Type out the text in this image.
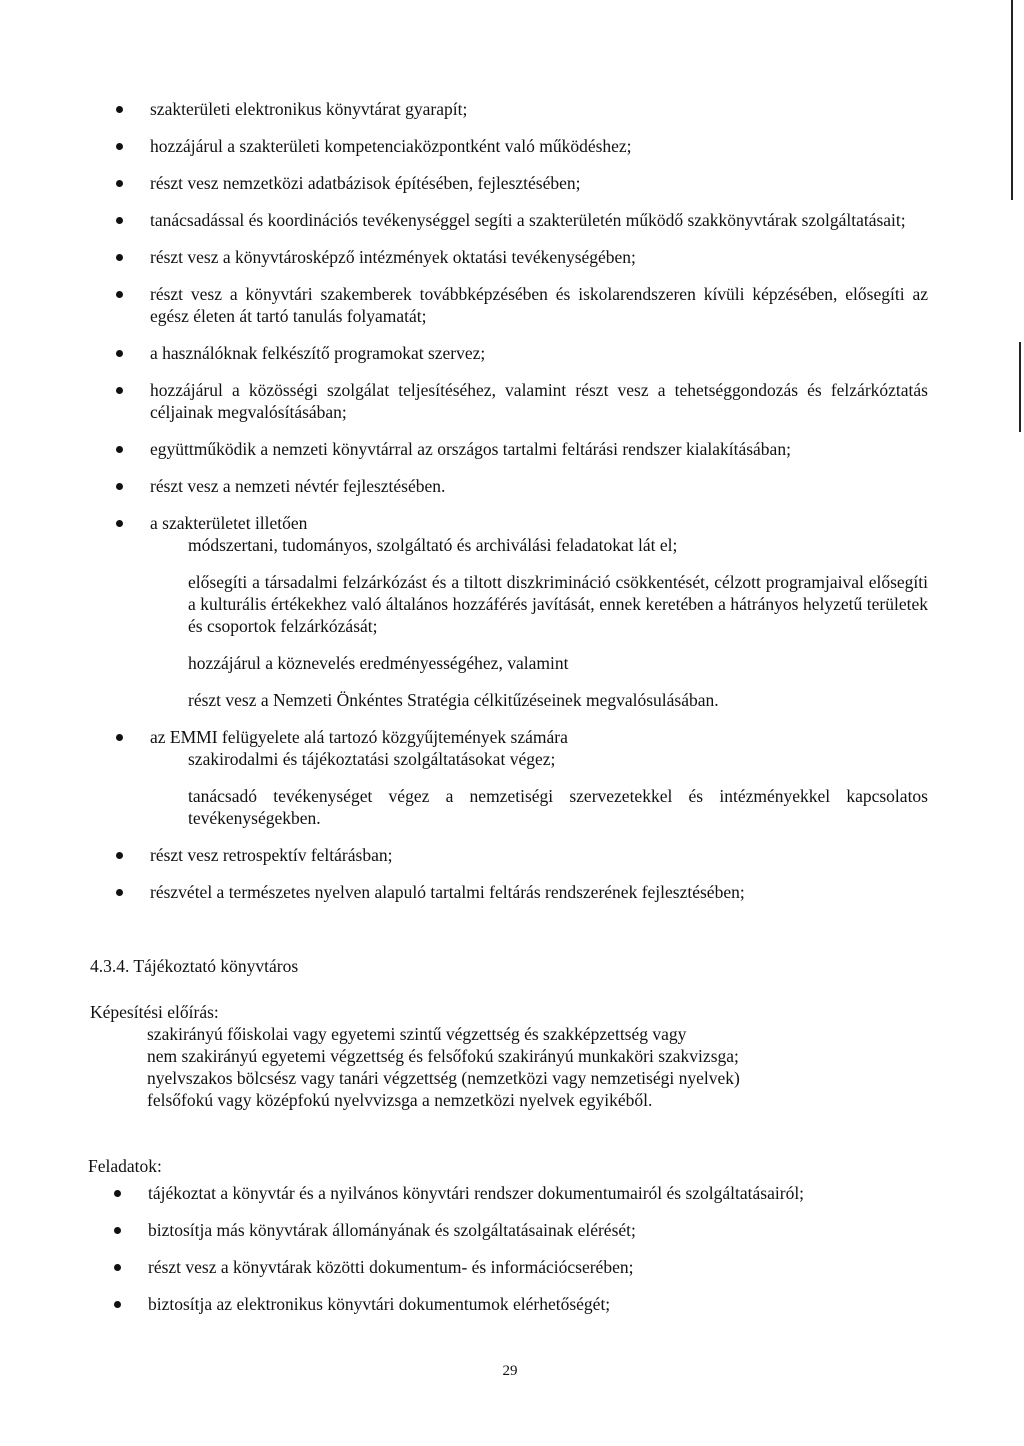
szakterületi elektronikus könyvtárat gyarapít;
hozzájárul a szakterületi kompetenciaközpontként való működéshez;
részt vesz nemzetközi adatbázisok építésében, fejlesztésében;
tanácsadással és koordinációs tevékenységgel segíti a szakterületén működő szakkönyvtárak szolgáltatásait;
részt vesz a könyvtárosképző intézmények oktatási tevékenységében;
részt vesz a könyvtári szakemberek továbbképzésében és iskolarendszeren kívüli képzésében, elősegíti az egész életen át tartó tanulás folyamatát;
a használóknak felkészítő programokat szervez;
hozzájárul a közösségi szolgálat teljesítéséhez, valamint részt vesz a tehetséggondozás és felzárkóztatás céljainak megvalósításában;
együttműködik a nemzeti könyvtárral az országos tartalmi feltárási rendszer kialakításában;
részt vesz a nemzeti névtér fejlesztésében.
a szakterületet illetően
módszertani, tudományos, szolgáltató és archiválási feladatokat lát el;
elősegíti a társadalmi felzárkózást és a tiltott diszkrimináció csökkentését, célzott programjaival elősegíti a kulturális értékekhez való általános hozzáférés javítását, ennek keretében a hátrányos helyzetű területek és csoportok felzárkózását;
hozzájárul a köznevelés eredményességéhez, valamint
részt vesz a Nemzeti Önkéntes Stratégia célkitűzéseinek megvalósulásában.
az EMMI felügyelete alá tartozó közgyűjtemények számára
szakirodalmi és tájékoztatási szolgáltatásokat végez;
tanácsadó tevékenységet végez a nemzetiségi szervezetekkel és intézményekkel kapcsolatos tevékenységekben.
részt vesz retrospektív feltárásban;
részvétel a természetes nyelven alapuló tartalmi feltárás rendszerének fejlesztésében;
4.3.4. Tájékoztató könyvtáros
Képesítési előírás:
szakirányú főiskolai vagy egyetemi szintű végzettség és szakképzettség vagy
nem szakirányú egyetemi végzettség és felsőfokú szakirányú munkaköri szakvizsga;
nyelvszakos bölcsész vagy tanári végzettség (nemzetközi vagy nemzetiségi nyelvek)
felsőfokú vagy középfokú nyelvvizsga a nemzetközi nyelvek egyikéből.
Feladatok:
tájékoztat a könyvtár és a nyilvános könyvtári rendszer dokumentumairól és szolgáltatásairól;
biztosítja más könyvtárak állományának és szolgáltatásainak elérését;
részt vesz a könyvtárak közötti dokumentum- és információcserében;
biztosítja az elektronikus könyvtári dokumentumok elérhetőségét;
29
